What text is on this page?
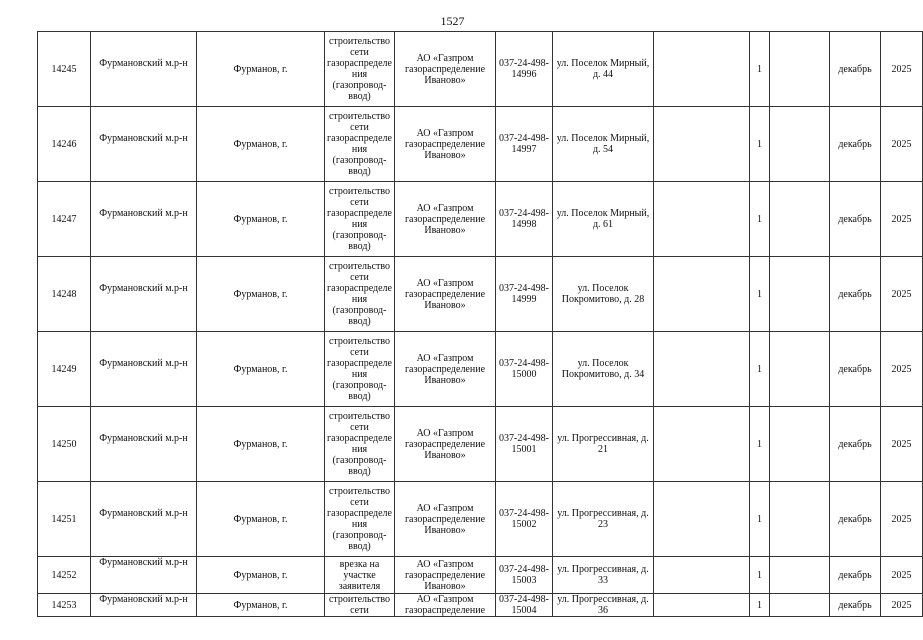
1527
14245	Фурмановский м.р-н	Фурманов, г.	строительство сети газораспределения (газопровод-ввод)	АО «Газпром газораспределение Иваново»	037-24-498-14996	ул. Поселок Мирный, д. 44		1		декабрь	2025
14246	Фурмановский м.р-н	Фурманов, г.	строительство сети газораспределения (газопровод-ввод)	АО «Газпром газораспределение Иваново»	037-24-498-14997	ул. Поселок Мирный, д. 54		1		декабрь	2025
14247	Фурмановский м.р-н	Фурманов, г.	строительство сети газораспределения (газопровод-ввод)	АО «Газпром газораспределение Иваново»	037-24-498-14998	ул. Поселок Мирный, д. 61		1		декабрь	2025
14248	Фурмановский м.р-н	Фурманов, г.	строительство сети газораспределения (газопровод-ввод)	АО «Газпром газораспределение Иваново»	037-24-498-14999	ул. Поселок Покромитово, д. 28		1		декабрь	2025
14249	Фурмановский м.р-н	Фурманов, г.	строительство сети газораспределения (газопровод-ввод)	АО «Газпром газораспределение Иваново»	037-24-498-15000	ул. Поселок Покромитово, д. 34		1		декабрь	2025
14250	Фурмановский м.р-н	Фурманов, г.	строительство сети газораспределения (газопровод-ввод)	АО «Газпром газораспределение Иваново»	037-24-498-15001	ул. Прогрессивная, д. 21		1		декабрь	2025
14251	Фурмановский м.р-н	Фурманов, г.	строительство сети газораспределения (газопровод-ввод)	АО «Газпром газораспределение Иваново»	037-24-498-15002	ул. Прогрессивная, д. 23		1		декабрь	2025
14252	Фурмановский м.р-н	Фурманов, г.	врезка на участке заявителя	АО «Газпром газораспределение Иваново»	037-24-498-15003	ул. Прогрессивная, д. 33		1		декабрь	2025
14253	Фурмановский м.р-н	Фурманов, г.	строительство сети	АО «Газпром газораспределение	037-24-498-15004	ул. Прогрессивная, д. 36		1		декабрь	2025
